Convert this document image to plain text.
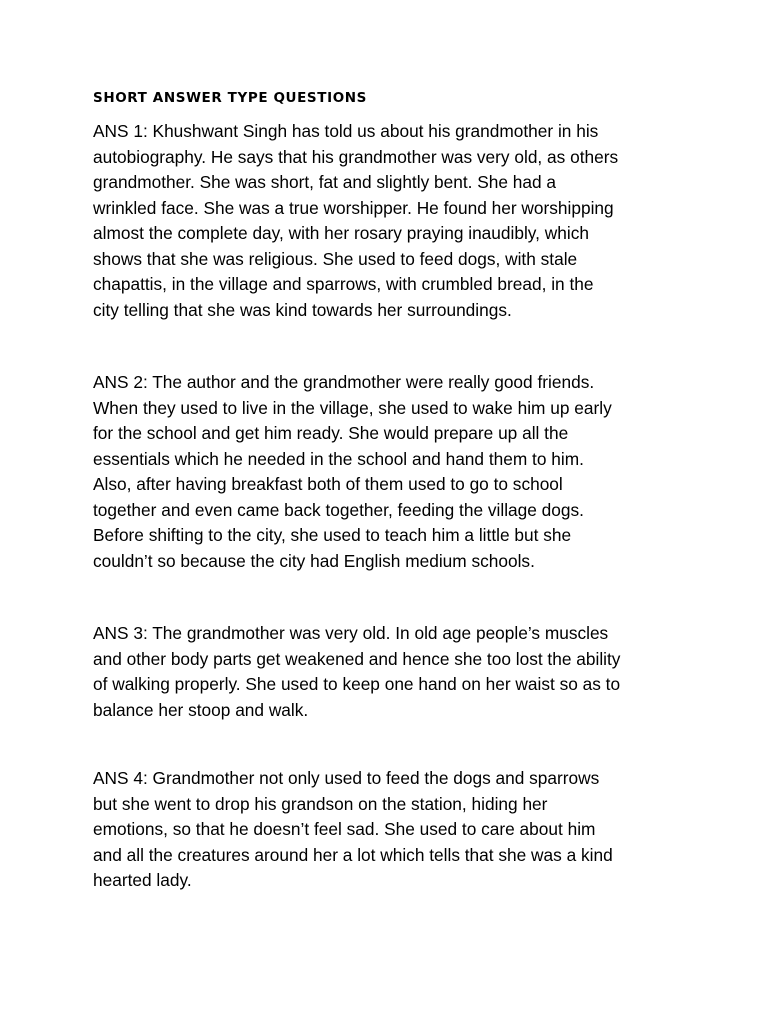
SHORT ANSWER TYPE QUESTIONS

ANS 1: Khushwant Singh has told us about his grandmother in his
autobiography. He says that his grandmother was very old, as others
grandmother. She was short, fat and slightly bent. She had a
wrinkled face. She was a true worshipper. He found her worshipping
almost the complete day, with her rosary praying inaudibly, which
shows that she was religious. She used to feed dogs, with stale
chapattis, in the village and sparrows, with crumbled bread, in the
city telling that she was kind towards her surroundings.

ANS 2: The author and the grandmother were really good friends.
When they used to live in the village, she used to wake him up early
for the school and get him ready. She would prepare up all the
essentials which he needed in the school and hand them to him.
Also, after having breakfast both of them used to go to school
together and even came back together, feeding the village dogs.
Before shifting to the city, she used to teach him a little but she
couldn’t so because the city had English medium schools.

ANS 3: The grandmother was very old. In old age people’s muscles
and other body parts get weakened and hence she too lost the ability
of walking properly. She used to keep one hand on her waist so as to
balance her stoop and walk.

ANS 4: Grandmother not only used to feed the dogs and sparrows
but she went to drop his grandson on the station, hiding her
emotions, so that he doesn’t feel sad. She used to care about him
and all the creatures around her a lot which tells that she was a kind
hearted lady.
